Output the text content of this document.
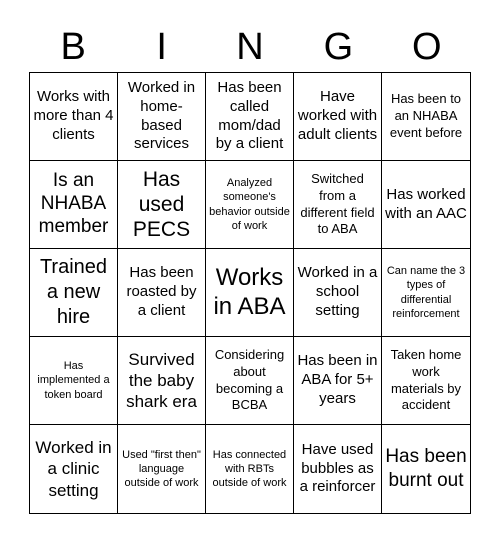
B	I	N	G	O
Works with more than 4 clients
Worked in home-based services
Has been called mom/dad by a client
Have worked with adult clients
Has been to an NHABA event before
Is an NHABA member
Has used PECS
Analyzed someone's behavior outside of work
Switched from a different field to ABA
Has worked with an AAC
Trained a new hire
Has been roasted by a client
Works in ABA
Worked in a school setting
Can name the 3 types of differential reinforcement
Has implemented a token board
Survived the baby shark era
Considering about becoming a BCBA
Has been in ABA for 5+ years
Taken home work materials by accident
Worked in a clinic setting
Used "first then" language outside of work
Has connected with RBTs outside of work
Have used bubbles as a reinforcer
Has been burnt out
